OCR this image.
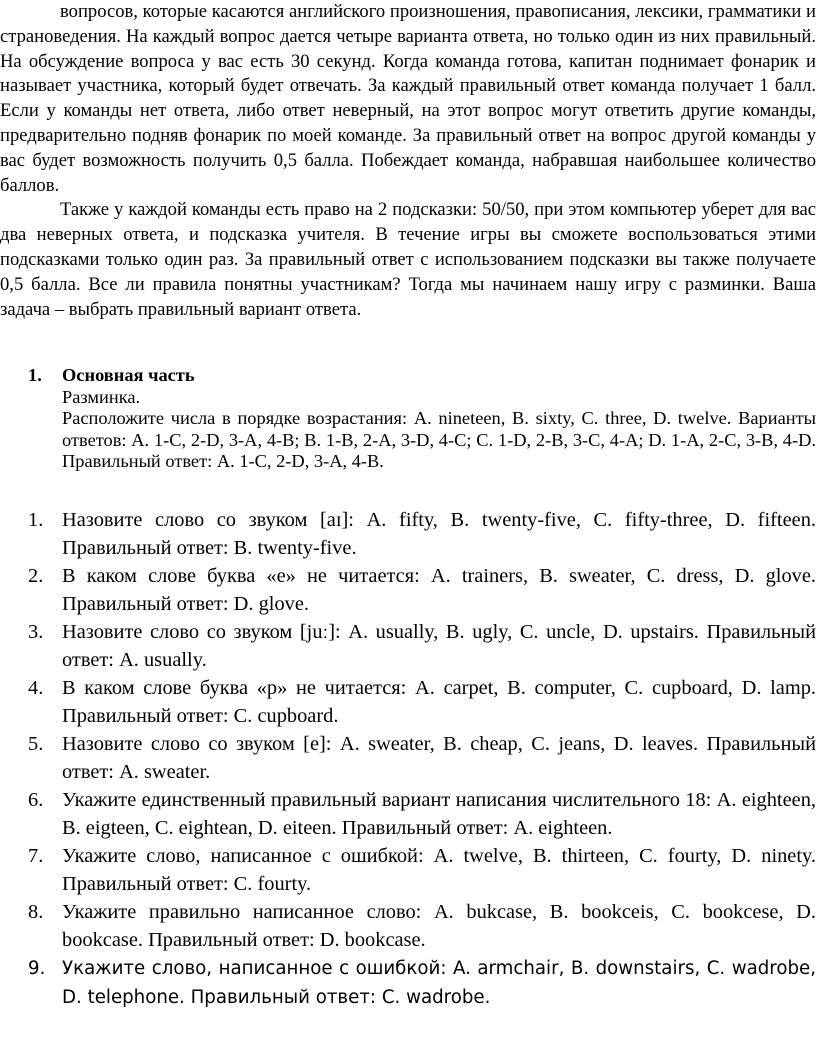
вопросов, которые касаются английского произношения, правописания, лексики, грамматики и страноведения. На каждый вопрос дается четыре варианта ответа, но только один из них правильный. На обсуждение вопроса у вас есть 30 секунд. Когда команда готова, капитан поднимает фонарик и называет участника, который будет отвечать. За каждый правильный ответ команда получает 1 балл. Если у команды нет ответа, либо ответ неверный, на этот вопрос могут ответить другие команды, предварительно подняв фонарик по моей команде. За правильный ответ на вопрос другой команды у вас будет возможность получить 0,5 балла. Побеждает команда, набравшая наибольшее количество баллов.

Также у каждой команды есть право на 2 подсказки: 50/50, при этом компьютер уберет для вас два неверных ответа, и подсказка учителя. В течение игры вы сможете воспользоваться этими подсказками только один раз. За правильный ответ с использованием подсказки вы также получаете 0,5 балла. Все ли правила понятны участникам? Тогда мы начинаем нашу игру с разминки. Ваша задача – выбрать правильный вариант ответа.

1.	Основная часть
Разминка.
Расположите числа в порядке возрастания: A. nineteen, B. sixty, C. three, D. twelve. Варианты ответов: A. 1-C, 2-D, 3-A, 4-B; B. 1-B, 2-A, 3-D, 4-C; C. 1-D, 2-B, 3-C, 4-A; D. 1-A, 2-C, 3-B, 4-D. Правильный ответ: A. 1-C, 2-D, 3-A, 4-B.
1. Назовите слово со звуком [aɪ]: A. fifty, B. twenty-five, C. fifty-three, D. fifteen. Правильный ответ: B. twenty-five.
2. В каком слове буква «e» не читается: A. trainers, B. sweater, C. dress, D. glove. Правильный ответ: D. glove.
3. Назовите слово со звуком [juː]: A. usually, B. ugly, C. uncle, D. upstairs. Правильный ответ: A. usually.
4. В каком слове буква «p» не читается: A. carpet, B. computer, C. cupboard, D. lamp. Правильный ответ: C. cupboard.
5. Назовите слово со звуком [e]: A. sweater, B. cheap, C. jeans, D. leaves. Правильный ответ: A. sweater.
6. Укажите единственный правильный вариант написания числительного 18: A. eighteen, B. eigteen, C. eightean, D. eiteen. Правильный ответ: A. eighteen.
7. Укажите слово, написанное с ошибкой: A. twelve, B. thirteen, C. fourty, D. ninety. Правильный ответ: C. fourty.
8. Укажите правильно написанное слово: A. bukcase, B. bookceis, C. bookcese, D. bookcase. Правильный ответ: D. bookcase.
9. Укажите слово, написанное с ошибкой: A. armchair, B. downstairs, C. wadrobe, D. telephone. Правильный ответ: C. wadrobe.
